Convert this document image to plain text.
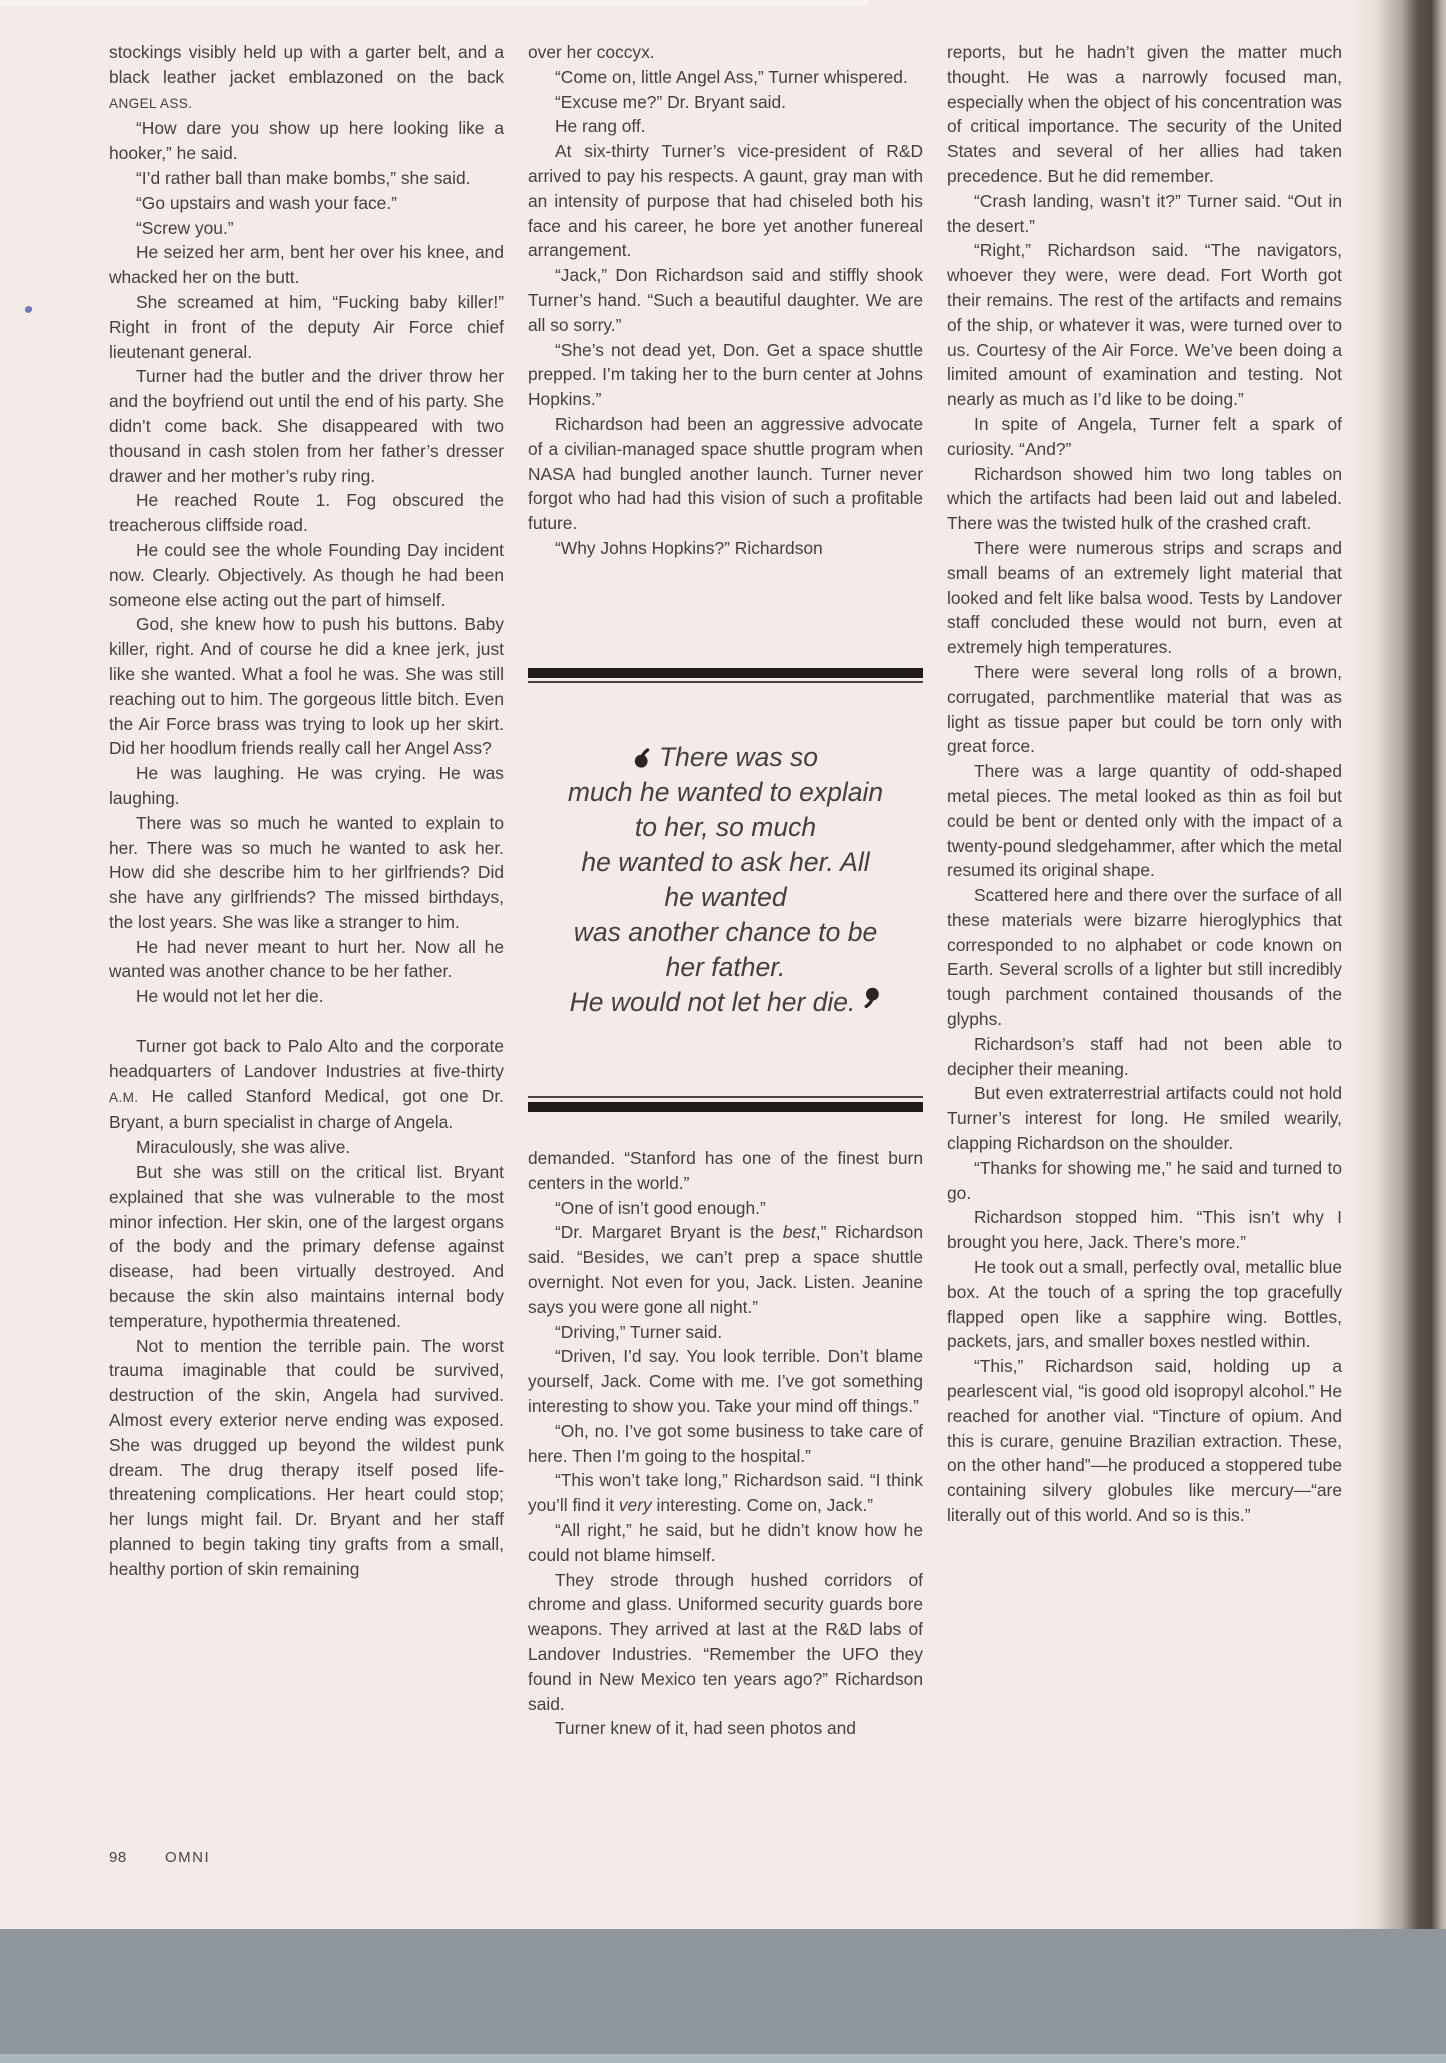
stockings visibly held up with a garter belt, and a black leather jacket emblazoned on the back ANGEL ASS.

“How dare you show up here looking like a hooker,” he said.

“I’d rather ball than make bombs,” she said.

“Go upstairs and wash your face.”

“Screw you.”

He seized her arm, bent her over his knee, and whacked her on the butt.

She screamed at him, “Fucking baby killer!” Right in front of the deputy Air Force chief lieutenant general.

Turner had the butler and the driver throw her and the boyfriend out until the end of his party. She didn’t come back. She disappeared with two thousand in cash stolen from her father’s dresser drawer and her mother’s ruby ring.

He reached Route 1. Fog obscured the treacherous cliffside road.

He could see the whole Founding Day incident now. Clearly. Objectively. As though he had been someone else acting out the part of himself.

God, she knew how to push his buttons. Baby killer, right. And of course he did a knee jerk, just like she wanted. What a fool he was. She was still reaching out to him. The gorgeous little bitch. Even the Air Force brass was trying to look up her skirt. Did her hoodlum friends really call her Angel Ass?

He was laughing. He was crying. He was laughing.

There was so much he wanted to explain to her. There was so much he wanted to ask her. How did she describe him to her girlfriends? Did she have any girlfriends? The missed birthdays, the lost years. She was like a stranger to him.

He had never meant to hurt her. Now all he wanted was another chance to be her father.

He would not let her die.

Turner got back to Palo Alto and the corporate headquarters of Landover Industries at five-thirty A.M. He called Stanford Medical, got one Dr. Bryant, a burn specialist in charge of Angela.

Miraculously, she was alive.

But she was still on the critical list. Bryant explained that she was vulnerable to the most minor infection. Her skin, one of the largest organs of the body and the primary defense against disease, had been virtually destroyed. And because the skin also maintains internal body temperature, hypothermia threatened.

Not to mention the terrible pain. The worst trauma imaginable that could be survived, destruction of the skin, Angela had survived. Almost every exterior nerve ending was exposed. She was drugged up beyond the wildest punk dream. The drug therapy itself posed life-threatening complications. Her heart could stop; her lungs might fail. Dr. Bryant and her staff planned to begin taking tiny grafts from a small, healthy portion of skin remaining

over her coccyx.

“Come on, little Angel Ass,” Turner whispered.

“Excuse me?” Dr. Bryant said.

He rang off.

At six-thirty Turner’s vice-president of R&D arrived to pay his respects. A gaunt, gray man with an intensity of purpose that had chiseled both his face and his career, he bore yet another funereal arrangement.

“Jack,” Don Richardson said and stiffly shook Turner’s hand. “Such a beautiful daughter. We are all so sorry.”

“She’s not dead yet, Don. Get a space shuttle prepped. I’m taking her to the burn center at Johns Hopkins.”

Richardson had been an aggressive advocate of a civilian-managed space shuttle program when NASA had bungled another launch. Turner never forgot who had had this vision of such a profitable future.

“Why Johns Hopkins?” Richardson

There was so
much he wanted to explain
to her, so much
he wanted to ask her. All
he wanted
was another chance to be
her father.
He would not let her die.

demanded. “Stanford has one of the finest burn centers in the world.”

“One of isn’t good enough.”

“Dr. Margaret Bryant is the best,” Richardson said. “Besides, we can’t prep a space shuttle overnight. Not even for you, Jack. Listen. Jeanine says you were gone all night.”

“Driving,” Turner said.

“Driven, I’d say. You look terrible. Don’t blame yourself, Jack. Come with me. I’ve got something interesting to show you. Take your mind off things.”

“Oh, no. I’ve got some business to take care of here. Then I’m going to the hospital.”

“This won’t take long,” Richardson said. “I think you’ll find it very interesting. Come on, Jack.”

“All right,” he said, but he didn’t know how he could not blame himself.

They strode through hushed corridors of chrome and glass. Uniformed security guards bore weapons. They arrived at last at the R&D labs of Landover Industries. “Remember the UFO they found in New Mexico ten years ago?” Richardson said.

Turner knew of it, had seen photos and

reports, but he hadn’t given the matter much thought. He was a narrowly focused man, especially when the object of his concentration was of critical importance. The security of the United States and several of her allies had taken precedence. But he did remember.

“Crash landing, wasn’t it?” Turner said. “Out in the desert.”

“Right,” Richardson said. “The navigators, whoever they were, were dead. Fort Worth got their remains. The rest of the artifacts and remains of the ship, or whatever it was, were turned over to us. Courtesy of the Air Force. We’ve been doing a limited amount of examination and testing. Not nearly as much as I’d like to be doing.”

In spite of Angela, Turner felt a spark of curiosity. “And?”

Richardson showed him two long tables on which the artifacts had been laid out and labeled. There was the twisted hulk of the crashed craft.

There were numerous strips and scraps and small beams of an extremely light material that looked and felt like balsa wood. Tests by Landover staff concluded these would not burn, even at extremely high temperatures.

There were several long rolls of a brown, corrugated, parchmentlike material that was as light as tissue paper but could be torn only with great force.

There was a large quantity of odd-shaped metal pieces. The metal looked as thin as foil but could be bent or dented only with the impact of a twenty-pound sledgehammer, after which the metal resumed its original shape.

Scattered here and there over the surface of all these materials were bizarre hieroglyphics that corresponded to no alphabet or code known on Earth. Several scrolls of a lighter but still incredibly tough parchment contained thousands of the glyphs.

Richardson’s staff had not been able to decipher their meaning.

But even extraterrestrial artifacts could not hold Turner’s interest for long. He smiled wearily, clapping Richardson on the shoulder.

“Thanks for showing me,” he said and turned to go.

Richardson stopped him. “This isn’t why I brought you here, Jack. There’s more.”

He took out a small, perfectly oval, metallic blue box. At the touch of a spring the top gracefully flapped open like a sapphire wing. Bottles, packets, jars, and smaller boxes nestled within.

“This,” Richardson said, holding up a pearlescent vial, “is good old isopropyl alcohol.” He reached for another vial. “Tincture of opium. And this is curare, genuine Brazilian extraction. These, on the other hand”—he produced a stoppered tube containing silvery globules like mercury—“are literally out of this world. And so is this.”

98	OMNI
